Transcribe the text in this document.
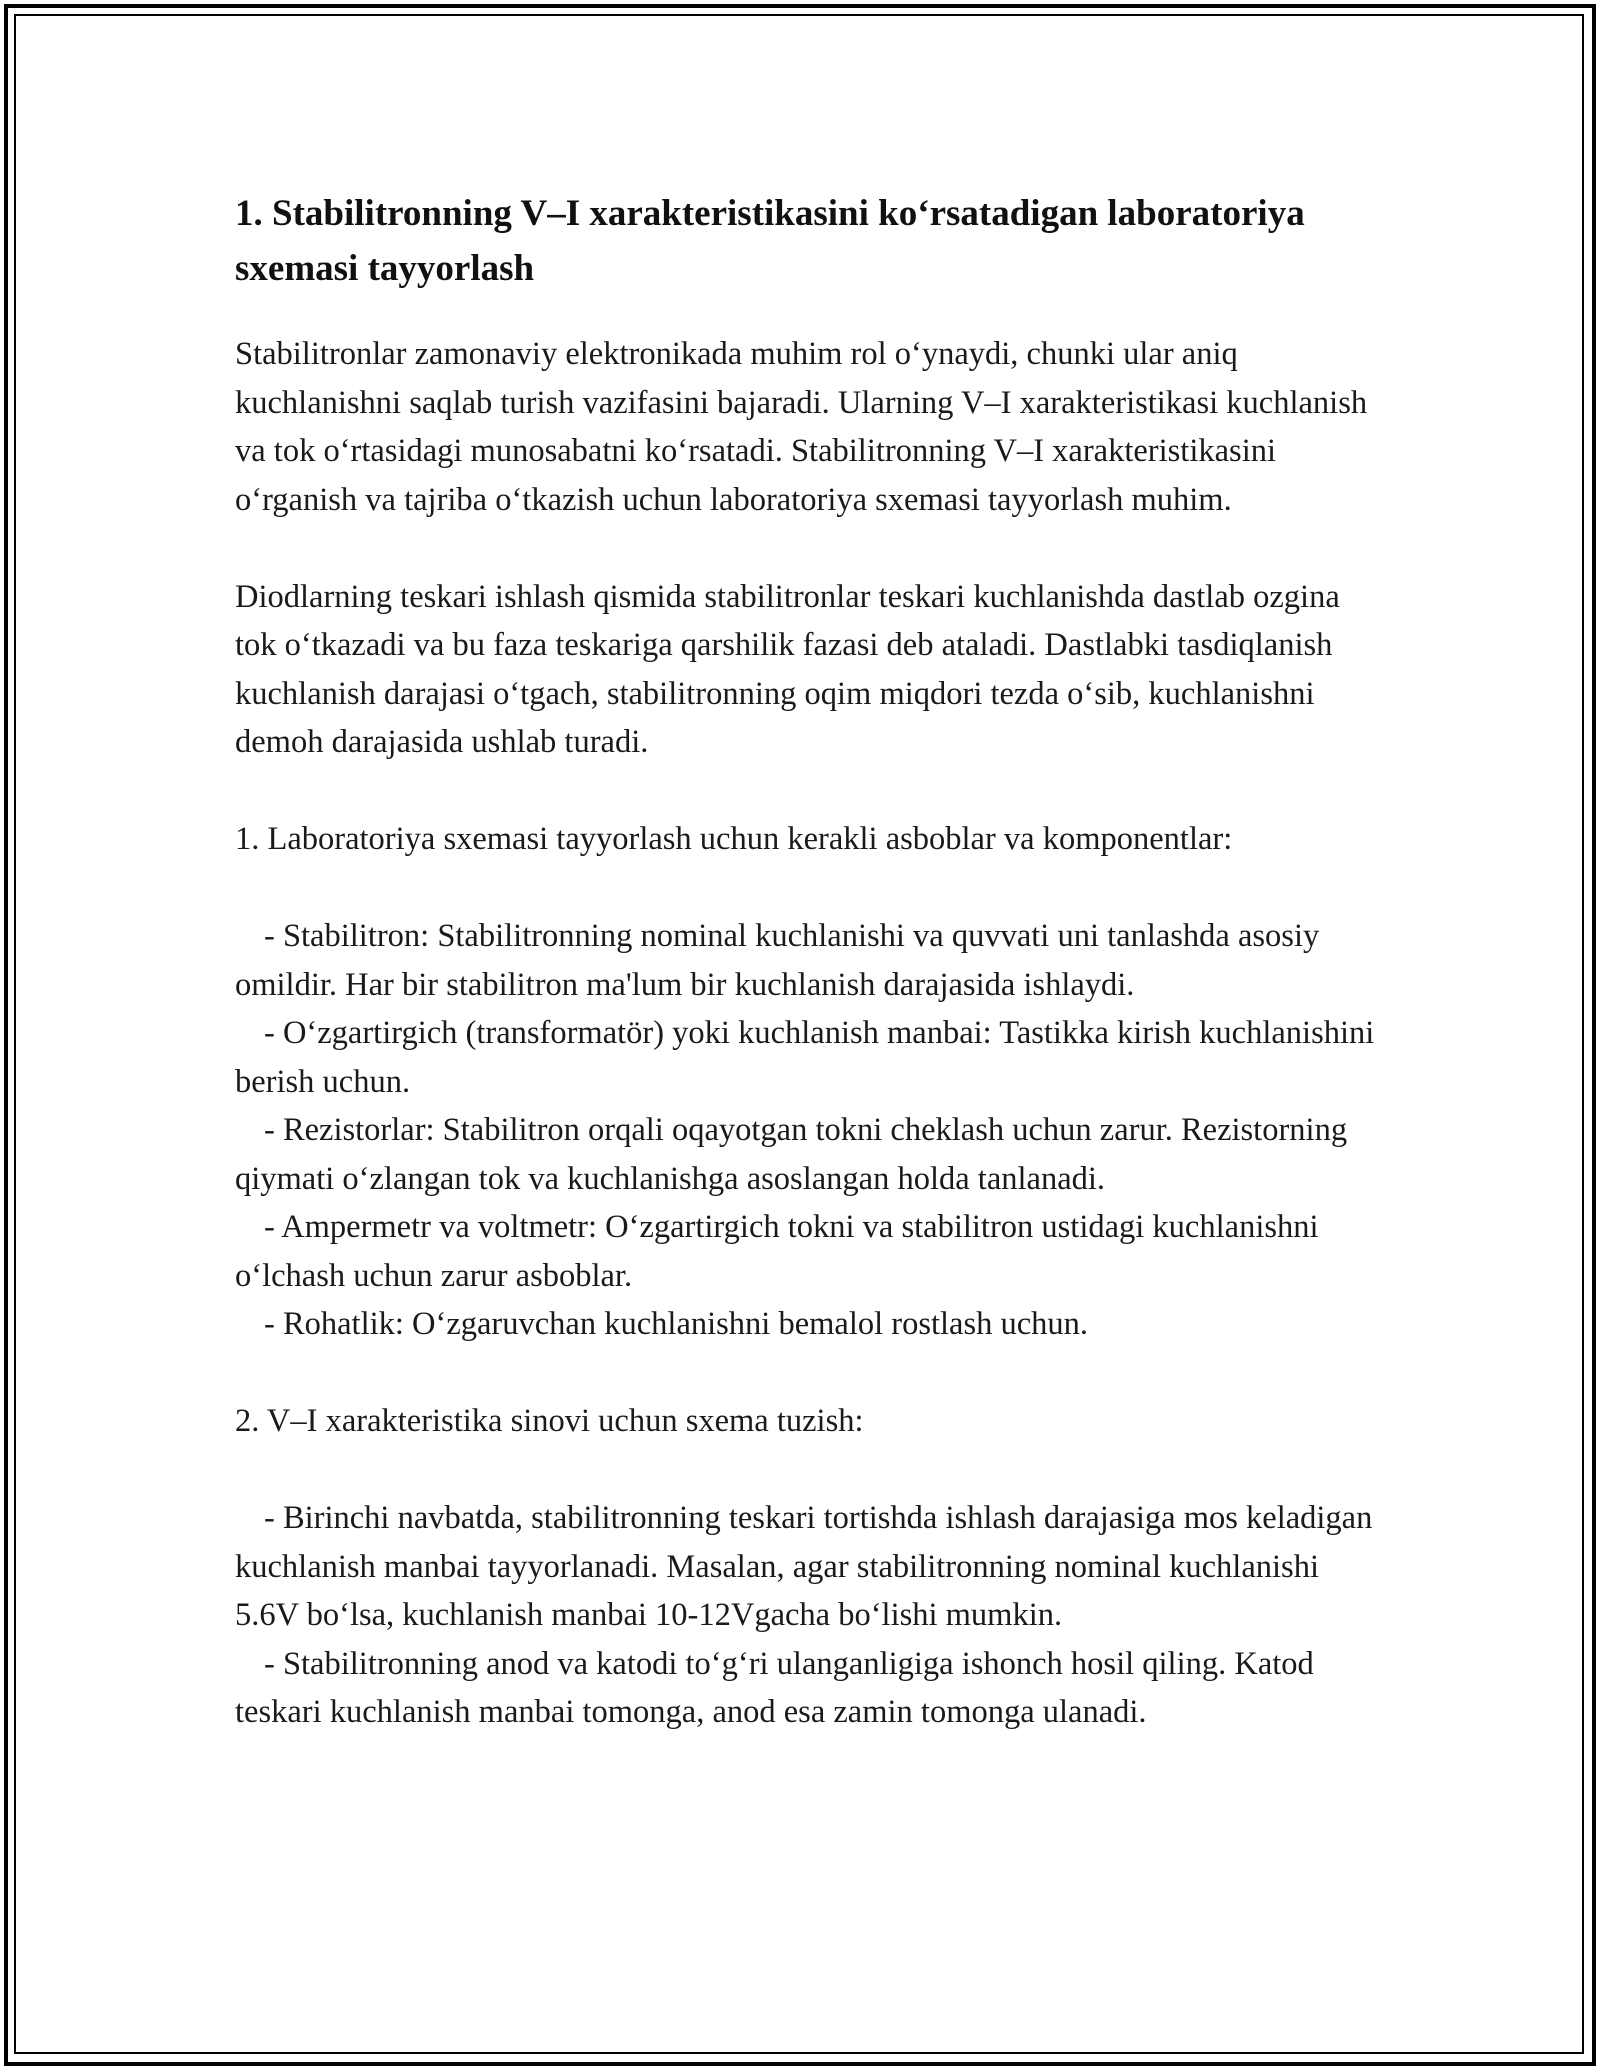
1. Stabilitronning V–I xarakteristikasini ko‘rsatadigan laboratoriya sxemasi tayyorlash

Stabilitronlar zamonaviy elektronikada muhim rol o‘ynaydi, chunki ular aniq kuchlanishni saqlab turish vazifasini bajaradi. Ularning V–I xarakteristikasi kuchlanish va tok o‘rtasidagi munosabatni ko‘rsatadi. Stabilitronning V–I xarakteristikasini o‘rganish va tajriba o‘tkazish uchun laboratoriya sxemasi tayyorlash muhim.

Diodlarning teskari ishlash qismida stabilitronlar teskari kuchlanishda dastlab ozgina tok o‘tkazadi va bu faza teskariga qarshilik fazasi deb ataladi. Dastlabki tasdiqlanish kuchlanish darajasi o‘tgach, stabilitronning oqim miqdori tezda o‘sib, kuchlanishni demoh darajasida ushlab turadi.

1. Laboratoriya sxemasi tayyorlash uchun kerakli asboblar va komponentlar:

- Stabilitron: Stabilitronning nominal kuchlanishi va quvvati uni tanlashda asosiy omildir. Har bir stabilitron ma'lum bir kuchlanish darajasida ishlaydi.

- O‘zgartirgich (transformatör) yoki kuchlanish manbai: Tastikka kirish kuchlanishini berish uchun.

- Rezistorlar: Stabilitron orqali oqayotgan tokni cheklash uchun zarur. Rezistorning qiymati o‘zlangan tok va kuchlanishga asoslangan holda tanlanadi.

- Ampermetr va voltmetr: O‘zgartirgich tokni va stabilitron ustidagi kuchlanishni o‘lchash uchun zarur asboblar.

- Rohatlik: O‘zgaruvchan kuchlanishni bemalol rostlash uchun.

2. V–I xarakteristika sinovi uchun sxema tuzish:

- Birinchi navbatda, stabilitronning teskari tortishda ishlash darajasiga mos keladigan kuchlanish manbai tayyorlanadi. Masalan, agar stabilitronning nominal kuchlanishi 5.6V bo‘lsa, kuchlanish manbai 10-12Vgacha bo‘lishi mumkin.

- Stabilitronning anod va katodi to‘g‘ri ulanganligiga ishonch hosil qiling. Katod teskari kuchlanish manbai tomonga, anod esa zamin tomonga ulanadi.
